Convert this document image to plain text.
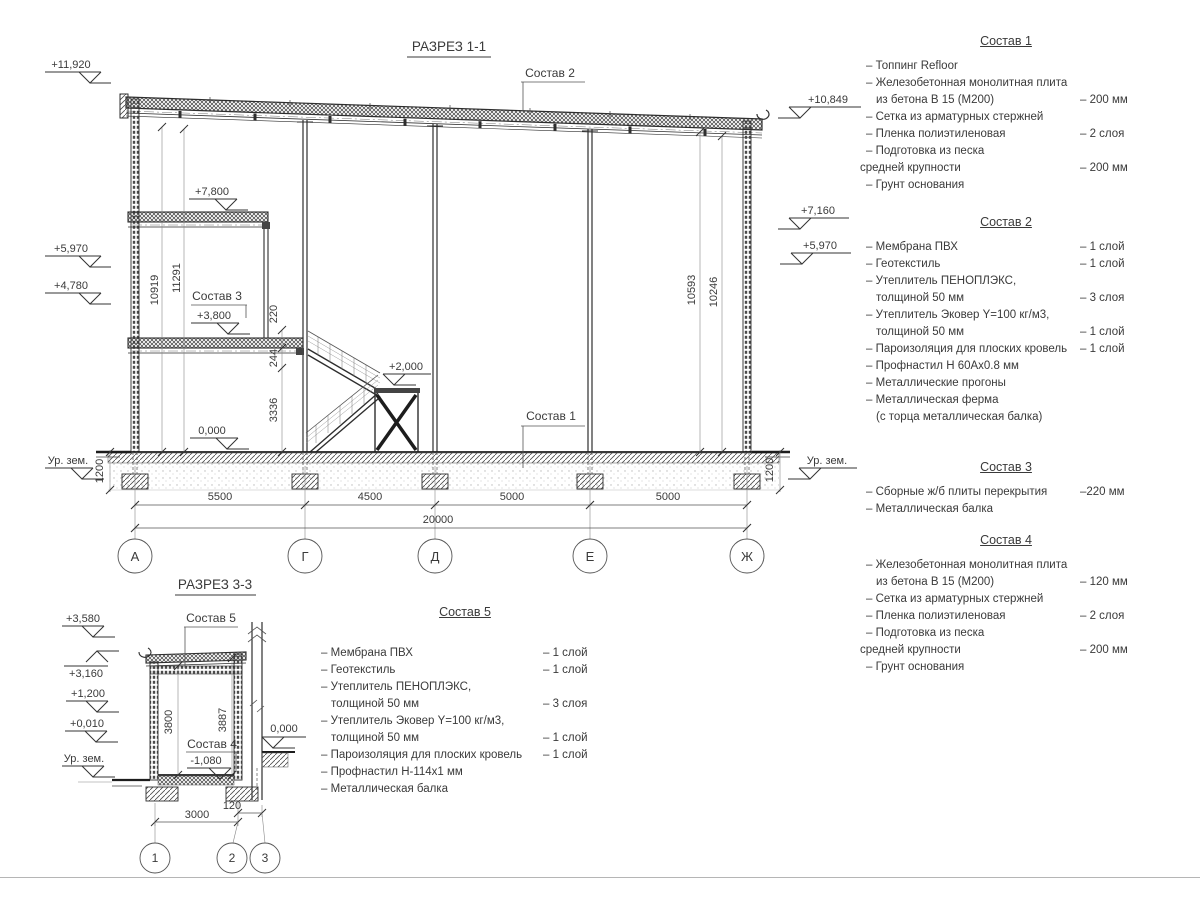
РАЗРЕЗ 1-1
10919 11291
220
244
3336
10593 10246
1200	1200
5500	4500	5000	5000
20000
А	Г	Д	Е	Ж
+11,920
+5,970
+4,780
Ур. зем.
+10,849
+7,160
+5,970
Ур. зем.
+7,800
+3,800
+2,000
0,000
Состав 2
Состав 3
Состав 1
РАЗРЕЗ 3-3
3800	3887
+3,580
+3,160
+1,200
+0,010
Ур. зем.
0,000
-1,080
Состав 5
Состав 4
3000
120
1	2 3
Состав 1
– Топпинг Refloor
– Железобетонная монолитная плита
из бетона В 15 (М200)	– 200 мм
– Сетка из арматурных стержней
– Пленка полиэтиленовая	– 2 слоя
– Подготовка из песка
средней крупности	– 200 мм
– Грунт основания
Состав 2
– Мембрана ПВХ	– 1 слой
– Геотекстиль	– 1 слой
– Утеплитель ПЕНОПЛЭКС,
толщиной 50 мм	– 3 слоя
– Утеплитель Эковер Y=100 кг/м3,
толщиной 50 мм	– 1 слой
– Пароизоляция для плоских кровель	– 1 слой
– Профнастил Н 60Ах0.8 мм
– Металлические прогоны
– Металлическая ферма
(с торца металлическая балка)
Состав 3
– Сборные ж/б плиты перекрытия	–220 мм
– Металлическая балка
Состав 4
– Железобетонная монолитная плита
из бетона В 15 (М200)	– 120 мм
– Сетка из арматурных стержней
– Пленка полиэтиленовая	– 2 слоя
– Подготовка из песка
средней крупности	– 200 мм
– Грунт основания
Состав 5
– Мембрана ПВХ	– 1 слой
– Геотекстиль	– 1 слой
– Утеплитель ПЕНОПЛЭКС,
толщиной 50 мм	– 3 слоя
– Утеплитель Эковер Y=100 кг/м3,
толщиной 50 мм	– 1 слой
– Пароизоляция для плоских кровель	– 1 слой
– Профнастил Н-114х1 мм
– Металлическая балка
